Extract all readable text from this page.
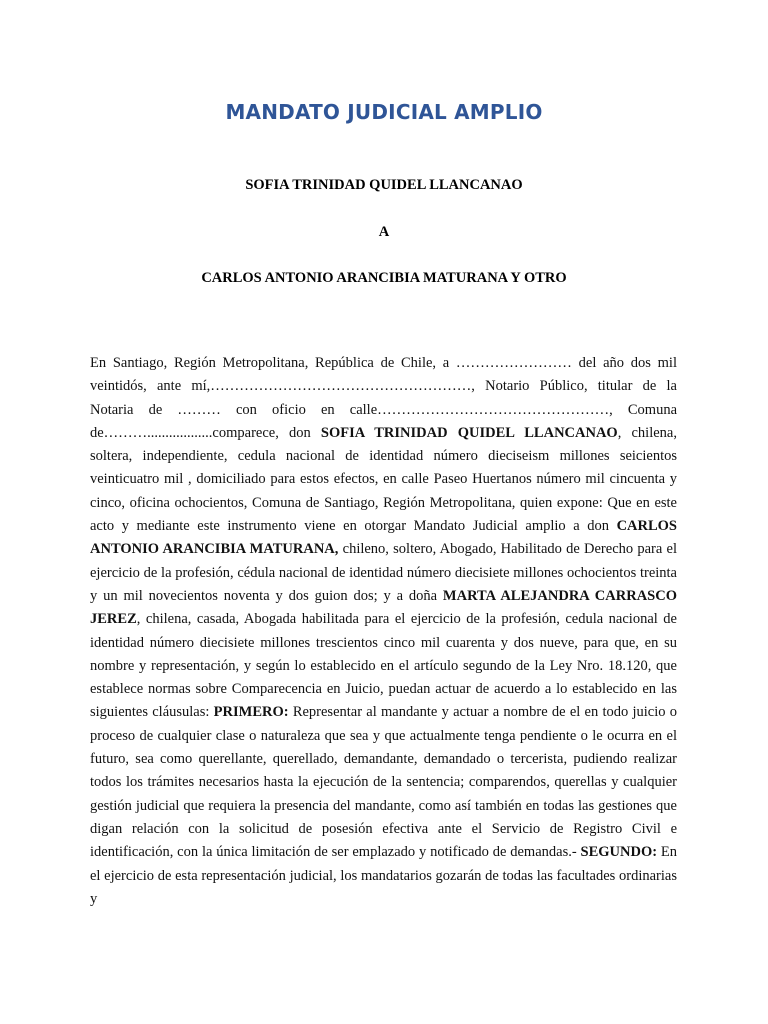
MANDATO JUDICIAL AMPLIO

SOFIA TRINIDAD QUIDEL LLANCANAO

A

CARLOS ANTONIO ARANCIBIA MATURANA Y OTRO

En Santiago, Región Metropolitana, República de Chile, a …………………… del año dos mil veintidós, ante mí,………………………………………………, Notario Público, titular de la Notaria de ……… con oficio en calle…………………………………………, Comuna de………..................comparece, don SOFIA TRINIDAD QUIDEL LLANCANAO, chilena, soltera, independiente, cedula nacional de identidad número dieciseism millones seicientos veinticuatro mil , domiciliado para estos efectos, en calle Paseo Huertanos número mil cincuenta y cinco, oficina ochocientos, Comuna de Santiago, Región Metropolitana, quien expone: Que en este acto y mediante este instrumento viene en otorgar Mandato Judicial amplio a don CARLOS ANTONIO ARANCIBIA MATURANA, chileno, soltero, Abogado, Habilitado de Derecho para el ejercicio de la profesión, cédula nacional de identidad número diecisiete millones ochocientos treinta y un mil novecientos noventa y dos guion dos; y a doña MARTA ALEJANDRA CARRASCO JEREZ, chilena, casada, Abogada habilitada para el ejercicio de la profesión, cedula nacional de identidad número diecisiete millones trescientos cinco mil cuarenta y dos nueve, para que, en su nombre y representación, y según lo establecido en el artículo segundo de la Ley Nro. 18.120, que establece normas sobre Comparecencia en Juicio, puedan actuar de acuerdo a lo establecido en las siguientes cláusulas: PRIMERO: Representar al mandante y actuar a nombre de el en todo juicio o proceso de cualquier clase o naturaleza que sea y que actualmente tenga pendiente o le ocurra en el futuro, sea como querellante, querellado, demandante, demandado o tercerista, pudiendo realizar todos los trámites necesarios hasta la ejecución de la sentencia; comparendos, querellas y cualquier gestión judicial que requiera la presencia del mandante, como así también en todas las gestiones que digan relación con la solicitud de posesión efectiva ante el Servicio de Registro Civil e identificación, con la única limitación de ser emplazado y notificado de demandas.- SEGUNDO: En el ejercicio de esta representación judicial, los mandatarios gozarán de todas las facultades ordinarias y
